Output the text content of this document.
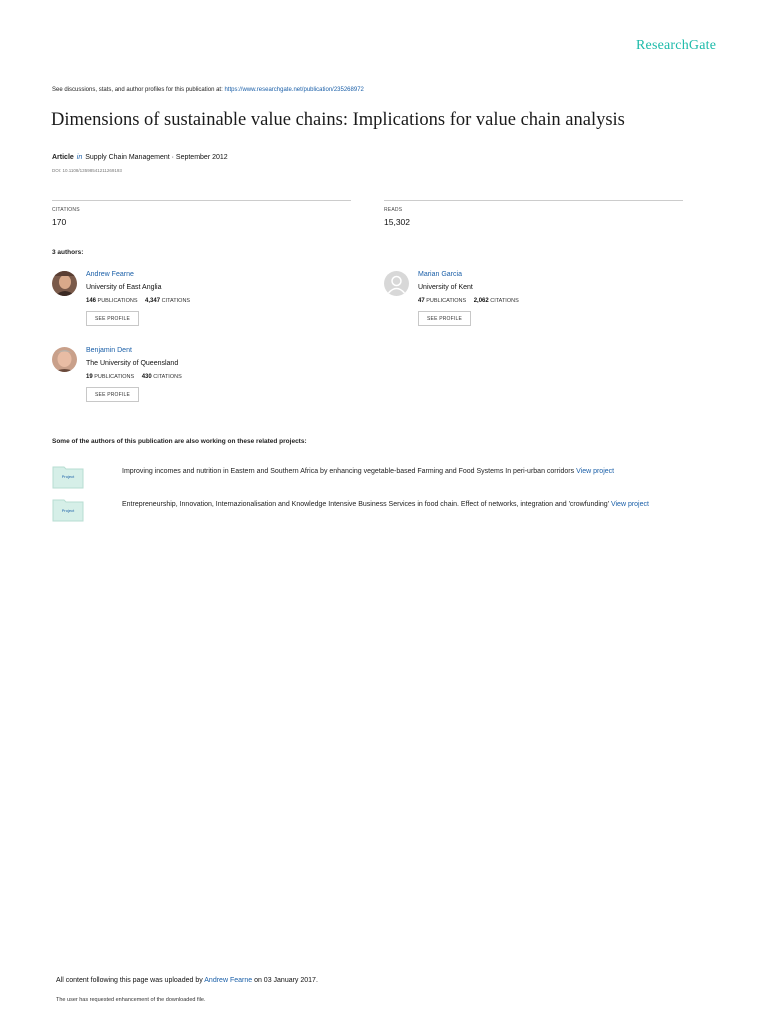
ResearchGate
See discussions, stats, and author profiles for this publication at: https://www.researchgate.net/publication/235268972
Dimensions of sustainable value chains: Implications for value chain analysis
Article in Supply Chain Management · September 2012
DOI: 10.1108/13598541211269193
CITATIONS
170
READS
15,302
3 authors:
Andrew Fearne
University of East Anglia
146 PUBLICATIONS 4,347 CITATIONS
SEE PROFILE
Marian Garcia
University of Kent
47 PUBLICATIONS 2,062 CITATIONS
SEE PROFILE
Benjamin Dent
The University of Queensland
19 PUBLICATIONS 430 CITATIONS
SEE PROFILE
Some of the authors of this publication are also working on these related projects:
Project
Improving incomes and nutrition in Eastern and Southern Africa by enhancing vegetable-based Farming and Food Systems In peri-urban corridors View project
Project
Entrepreneurship, Innovation, Internazionalisation and Knowledge Intensive Business Services in food chain. Effect of networks, integration and 'crowfunding' View project
All content following this page was uploaded by Andrew Fearne on 03 January 2017.
The user has requested enhancement of the downloaded file.
